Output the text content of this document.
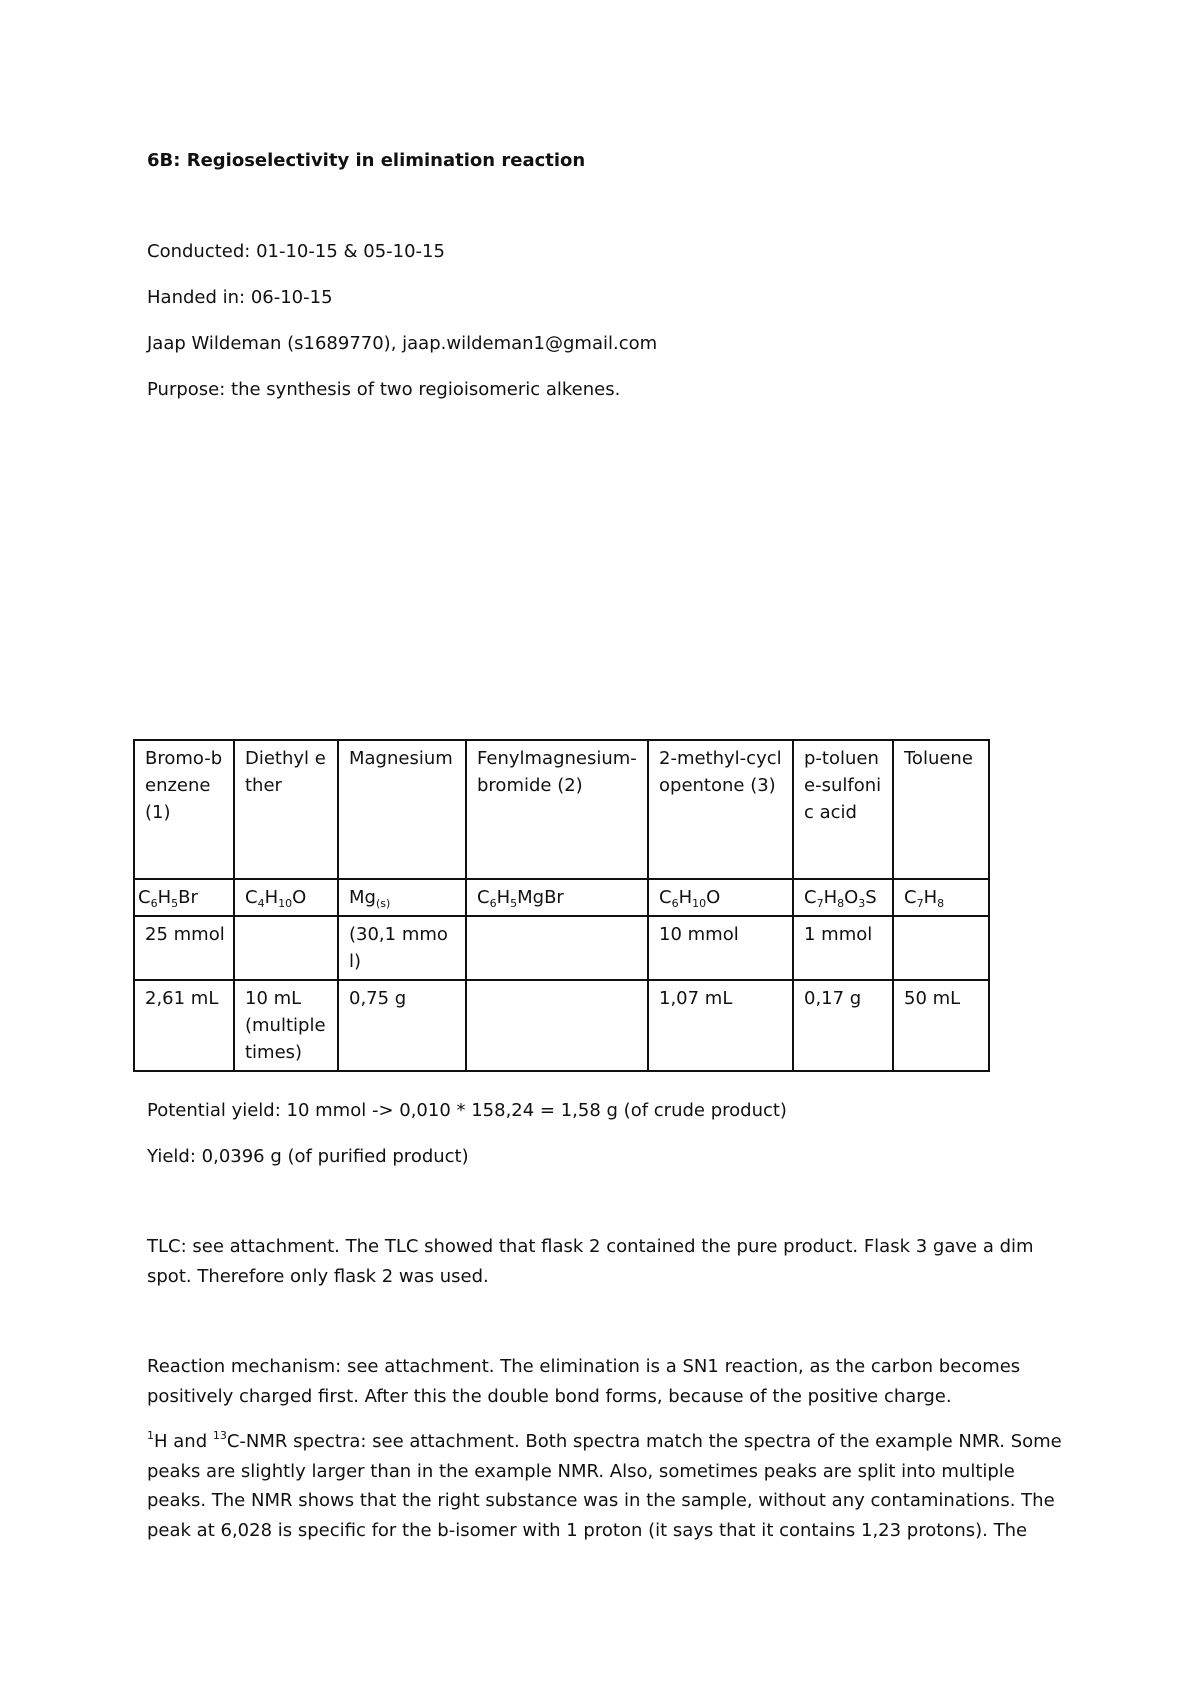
6B: Regioselectivity in elimination reaction
Conducted: 01-10-15 & 05-10-15
Handed in: 06-10-15
Jaap Wildeman (s1689770), jaap.wildeman1@gmail.com
Purpose: the synthesis of two regioisomeric alkenes.
Bromo-benzene (1)	Diethyl ether	Magnesium	Fenylmagnesium-bromide (2)	2-methyl-cyclopentone (3)	p-toluene-sulfonic acid	Toluene
$C_6H_5Br$	$C_4H_{10}O$	$Mg_{(s)}$	$C_6H_5MgBr$	$C_6H_{10}O$	$C_7H_8O_3S$	$C_7H_8$
25 mmol		(30,1 mmol)		10 mmol	1 mmol	
2,61 mL	10 mL (multiple times)	0,75 g		1,07 mL	0,17 g	50 mL
Potential yield: 10 mmol -> 0,010 * 158,24 = 1,58 g (of crude product)
Yield: 0,0396 g (of purified product)
TLC: see attachment. The TLC showed that flask 2 contained the pure product. Flask 3 gave a dim spot. Therefore only flask 2 was used.
Reaction mechanism: see attachment. The elimination is a SN1 reaction, as the carbon becomes positively charged first. After this the double bond forms, because of the positive charge.
$^1$H and $^{13}$C-NMR spectra: see attachment. Both spectra match the spectra of the example NMR. Some peaks are slightly larger than in the example NMR. Also, sometimes peaks are split into multiple peaks. The NMR shows that the right substance was in the sample, without any contaminations. The peak at 6,028 is specific for the b-isomer with 1 proton (it says that it contains 1,23 protons). The
